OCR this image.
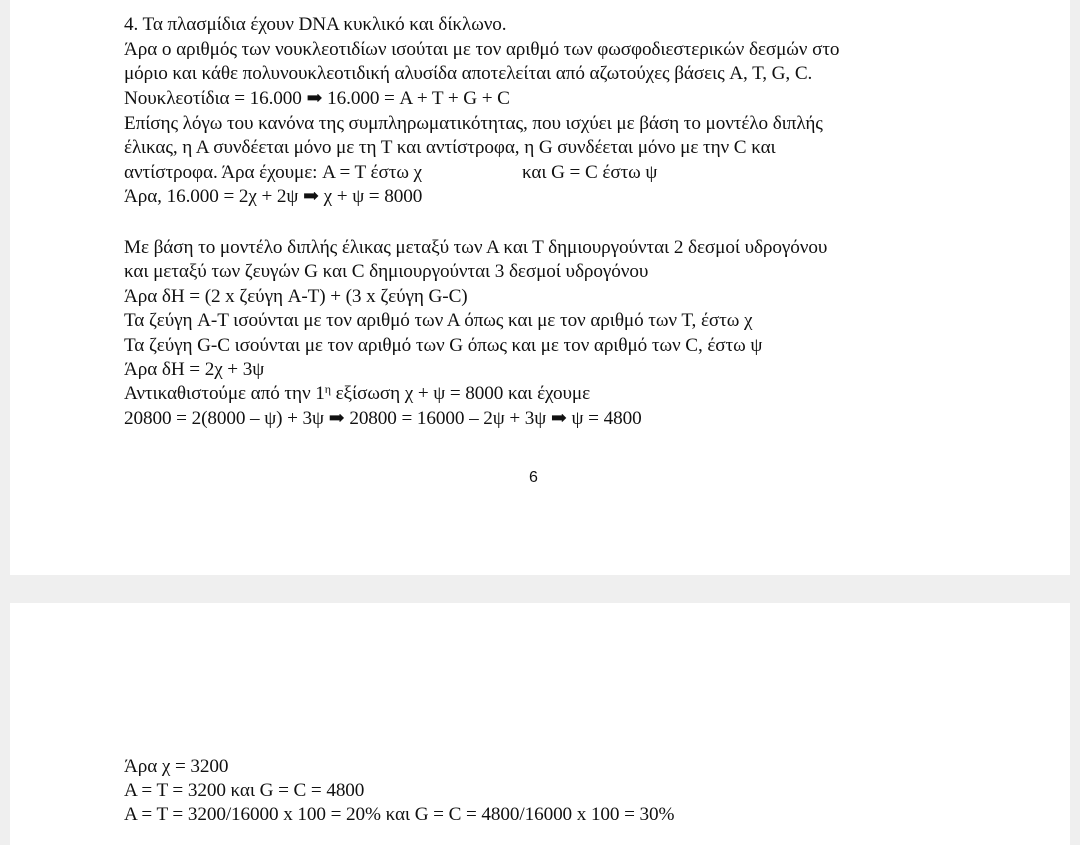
4. Τα πλασμίδια έχουν DNA κυκλικό και δίκλωνο.
Άρα ο αριθμός των νουκλεοτιδίων ισούται με τον αριθμό των φωσφοδιεστερικών δεσμών στο
μόριο και κάθε πολυνουκλεοτιδική αλυσίδα αποτελείται από αζωτούχες βάσεις A, T, G, C.
Νουκλεοτίδια = 16.000 ➡ 16.000 = A + T + G + C
Επίσης λόγω του κανόνα της συμπληρωματικότητας, που ισχύει με βάση το μοντέλο διπλής
έλικας, η Α συνδέεται μόνο με τη Τ και αντίστροφα, η G συνδέεται μόνο με την C και
αντίστροφα. Άρα έχουμε: A = T έστω χ	και G = C έστω ψ
Άρα, 16.000 = 2χ + 2ψ ➡ χ + ψ = 8000
Με βάση το μοντέλο διπλής έλικας μεταξύ των Α και Τ δημιουργούνται 2 δεσμοί υδρογόνου
και μεταξύ των ζευγών G και C δημιουργούνται 3 δεσμοί υδρογόνου
Άρα δH = (2 x ζεύγη A-T) + (3 x ζεύγη G-C)
Τα ζεύγη A-T ισούνται με τον αριθμό των Α όπως και με τον αριθμό των Τ, έστω χ
Τα ζεύγη G-C ισούνται με τον αριθμό των G όπως και με τον αριθμό των C, έστω ψ
Άρα δH = 2χ + 3ψ
Αντικαθιστούμε από την $1^\eta$ εξίσωση χ + ψ = 8000 και έχουμε
20800 = 2(8000 – ψ) + 3ψ ➡ 20800 = 16000 – 2ψ + 3ψ ➡ ψ = 4800
6
Άρα χ = 3200
A = T = 3200 και G = C = 4800
A = T = 3200/16000 x 100 = 20% και G = C = 4800/16000 x 100 = 30%
